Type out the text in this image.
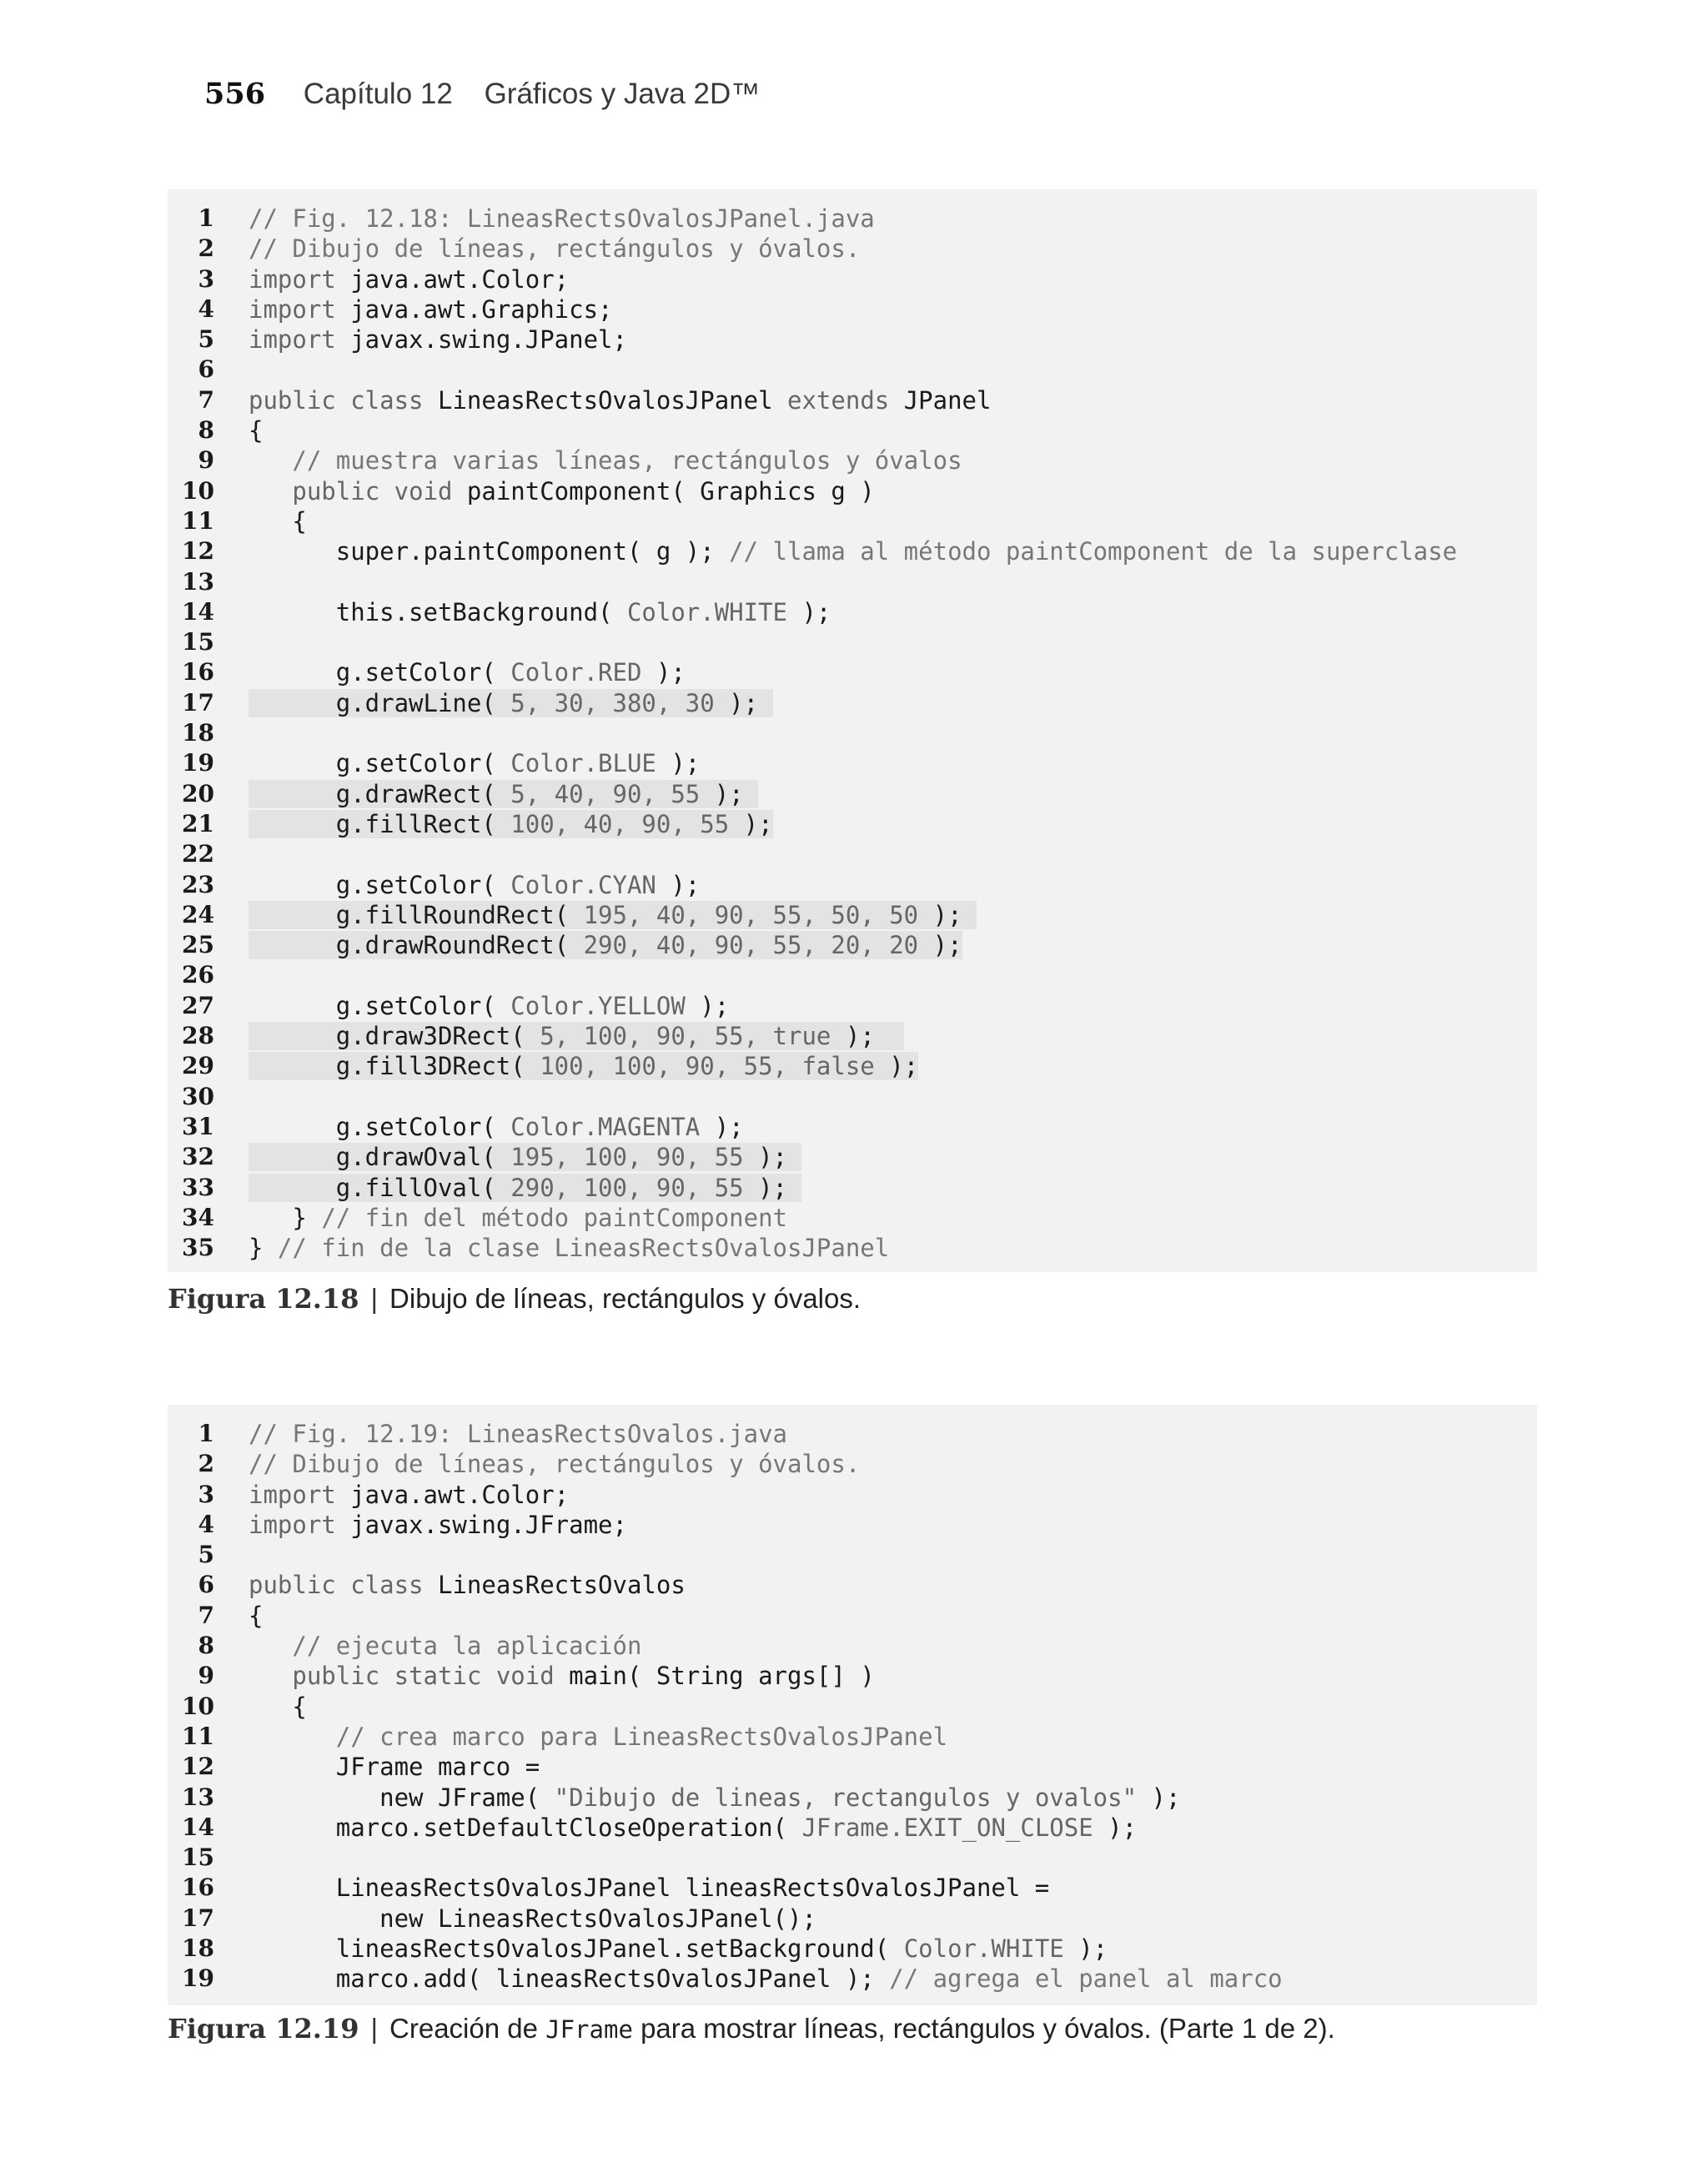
556 Capítulo 12 Gráficos y Java 2D™
1 // Fig. 12.18: LineasRectsOvalosJPanel.java
2 // Dibujo de líneas, rectángulos y óvalos.
3 import java.awt.Color;
4 import java.awt.Graphics;
5 import javax.swing.JPanel;
6
7 public class LineasRectsOvalosJPanel extends JPanel
8 {
9	// muestra varias líneas, rectángulos y óvalos
10	public void paintComponent( Graphics g )
11 {
12 super.paintComponent( g ); // llama al método paintComponent de la superclase
13
14 this.setBackground( Color.WHITE );
15
16 g.setColor( Color.RED );
17 g.drawLine( 5, 30, 380, 30 );
18
19 g.setColor( Color.BLUE );
20 g.drawRect( 5, 40, 90, 55 );
21 g.fillRect( 100, 40, 90, 55 );
22
23 g.setColor( Color.CYAN );
24 g.fillRoundRect( 195, 40, 90, 55, 50, 50 );
25 g.drawRoundRect( 290, 40, 90, 55, 20, 20 );
26
27 g.setColor( Color.YELLOW );
28 g.draw3DRect( 5, 100, 90, 55, true );
29 g.fill3DRect( 100, 100, 90, 55, false );
30
31 g.setColor( Color.MAGENTA );
32 g.drawOval( 195, 100, 90, 55 );
33 g.fillOval( 290, 100, 90, 55 );
34 } // fin del método paintComponent
35 } // fin de la clase LineasRectsOvalosJPanel
Figura 12.18 | Dibujo de líneas, rectángulos y óvalos.
1 // Fig. 12.19: LineasRectsOvalos.java
2 // Dibujo de líneas, rectángulos y óvalos.
3 import java.awt.Color;
4 import javax.swing.JFrame;
5
6 public class LineasRectsOvalos
7 {
8	// ejecuta la aplicación
9	public static void main( String args[] )
10 {
11	// crea marco para LineasRectsOvalosJPanel
12 JFrame marco =
13 new JFrame( "Dibujo de lineas, rectangulos y ovalos" );
14 marco.setDefaultCloseOperation( JFrame.EXIT_ON_CLOSE );
15
16 LineasRectsOvalosJPanel lineasRectsOvalosJPanel =
17 new LineasRectsOvalosJPanel();
18 lineasRectsOvalosJPanel.setBackground( Color.WHITE );
19 marco.add( lineasRectsOvalosJPanel ); // agrega el panel al marco
Figura 12.19 | Creación de JFrame para mostrar líneas, rectángulos y óvalos. (Parte 1 de 2).
